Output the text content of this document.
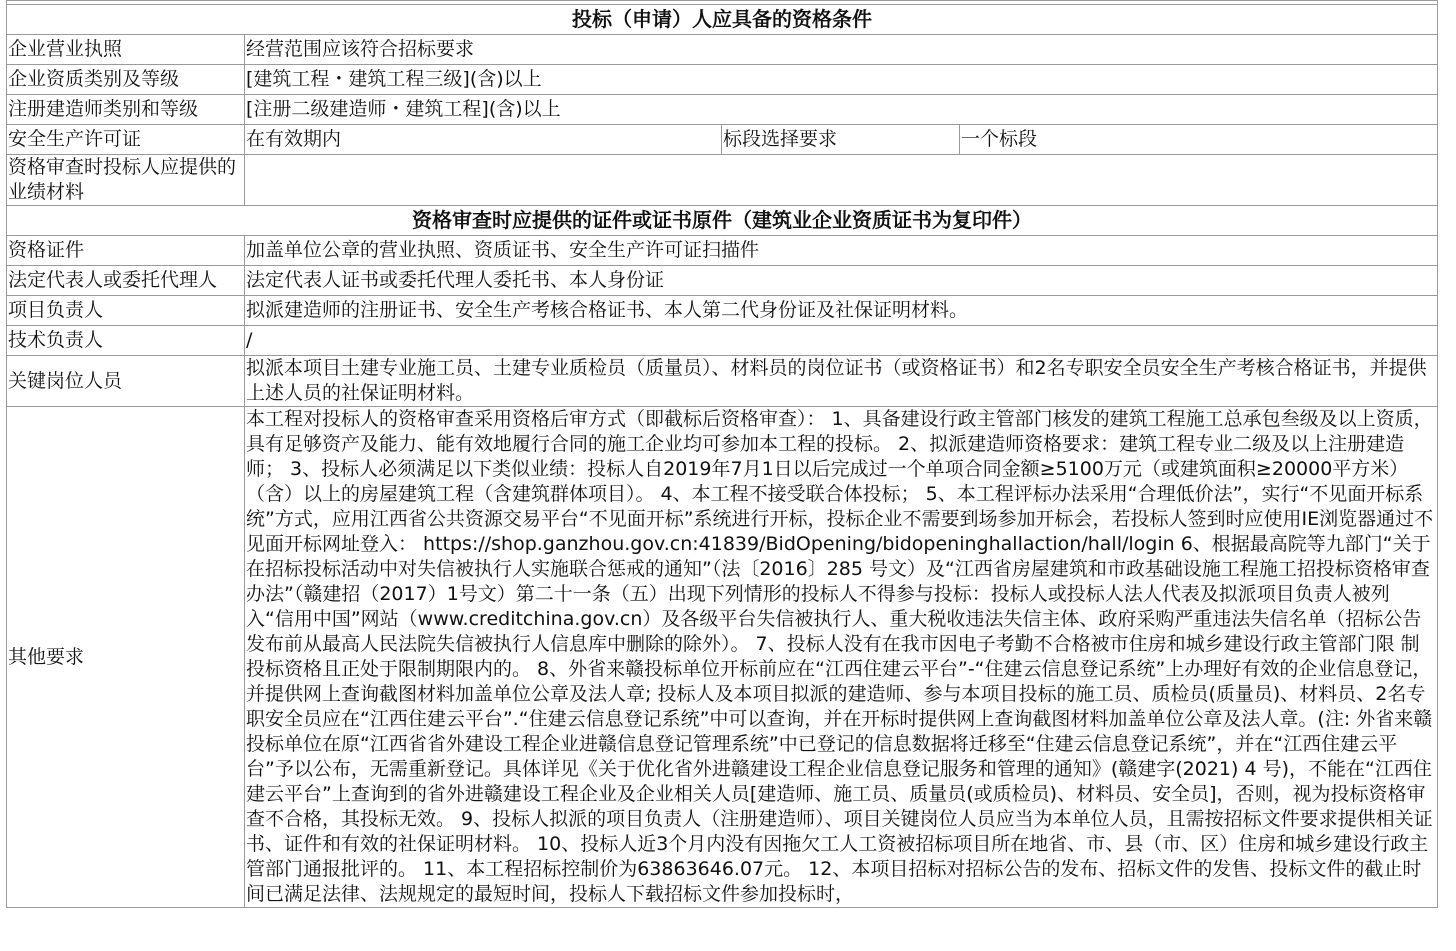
投标（申请）人应具备的资格条件			
企业营业执照	经营范围应该符合招标要求		
企业资质类别及等级	[建筑工程・建筑工程三级](含)以上		
注册建造师类别和等级	[注册二级建造师・建筑工程](含)以上		
安全生产许可证	在有效期内	标段选择要求	一个标段
资格审查时投标人应提供的业绩材料			
资格审查时应提供的证件或证书原件（建筑业企业资质证书为复印件）			
资格证件	加盖单位公章的营业执照、资质证书、安全生产许可证扫描件		
法定代表人或委托代理人	法定代表人证书或委托代理人委托书、本人身份证		
项目负责人	拟派建造师的注册证书、安全生产考核合格证书、本人第二代身份证及社保证明材料。		
技术负责人	/		
关键岗位人员	拟派本项目土建专业施工员、土建专业质检员（质量员）、材料员的岗位证书（或资格证书）和2名专职安全员安全生产考核合格证书，并提供上述人员的社保证明材料。		
其他要求	本工程对投标人的资格审查采用资格后审方式（即截标后资格审查）： 1、具备建设行政主管部门核发的建筑工程施工总承包叁级及以上资质，具有足够资产及能力、能有效地履行合同的施工企业均可参加本工程的投标。 2、拟派建造师资格要求：建筑工程专业二级及以上注册建造师； 3、投标人必须满足以下类似业绩：投标人自2019年7月1日以后完成过一个单项合同金额≥5100万元（或建筑面积≥20000平方米）（含）以上的房屋建筑工程（含建筑群体项目）。 4、本工程不接受联合体投标； 5、本工程评标办法采用“合理低价法”，实行“不见面开标系统”方式，应用江西省公共资源交易平台“不见面开标”系统进行开标，投标企业不需要到场参加开标会，若投标人签到时应使用IE浏览器通过不见面开标网址登入： https://shop.ganzhou.gov.cn:41839/BidOpening/bidopeninghallaction/hall/login 6、根据最高院等九部门“关于在招标投标活动中对失信被执行人实施联合惩戒的通知”（法〔2016〕285 号文）及“江西省房屋建筑和市政基础设施工程施工招投标资格审查办法”（赣建招（2017）1号文）第二十一条（五）出现下列情形的投标人不得参与投标：投标人或投标人法人代表及拟派项目负责人被列入“信用中国”网站（www.creditchina.gov.cn）及各级平台失信被执行人、重大税收违法失信主体、政府采购严重违法失信名单（招标公告发布前从最高人民法院失信被执行人信息库中删除的除外）。 7、投标人没有在我市因电子考勤不合格被市住房和城乡建设行政主管部门限 制投标资格且正处于限制期限内的。 8、外省来赣投标单位开标前应在“江西住建云平台”-“住建云信息登记系统”上办理好有效的企业信息登记，并提供网上查询截图材料加盖单位公章及法人章; 投标人及本项目拟派的建造师、参与本项目投标的施工员、质检员(质量员)、材料员、2名专职安全员应在“江西住建云平台”.“住建云信息登记系统”中可以查询，并在开标时提供网上查询截图材料加盖单位公章及法人章。(注: 外省来赣投标单位在原“江西省省外建设工程企业进赣信息登记管理系统”中已登记的信息数据将迁移至“住建云信息登记系统”，并在“江西住建云平台”予以公布，无需重新登记。具体详见《关于优化省外进赣建设工程企业信息登记服务和管理的通知》(赣建字(2021) 4 号)，不能在“江西住建云平台”上查询到的省外进赣建设工程企业及企业相关人员[建造师、施工员、质量员(或质检员)、材料员、安全员]，否则，视为投标资格审查不合格，其投标无效。 9、投标人拟派的项目负责人（注册建造师）、项目关键岗位人员应当为本单位人员，且需按招标文件要求提供相关证书、证件和有效的社保证明材料。 10、投标人近3个月内没有因拖欠工人工资被招标项目所在地省、市、县（市、区）住房和城乡建设行政主管部门通报批评的。 11、本工程招标控制价为63863646.07元。 12、本项目招标对招标公告的发布、招标文件的发售、投标文件的截止时间已满足法律、法规规定的最短时间，投标人下载招标文件参加投标时，		
